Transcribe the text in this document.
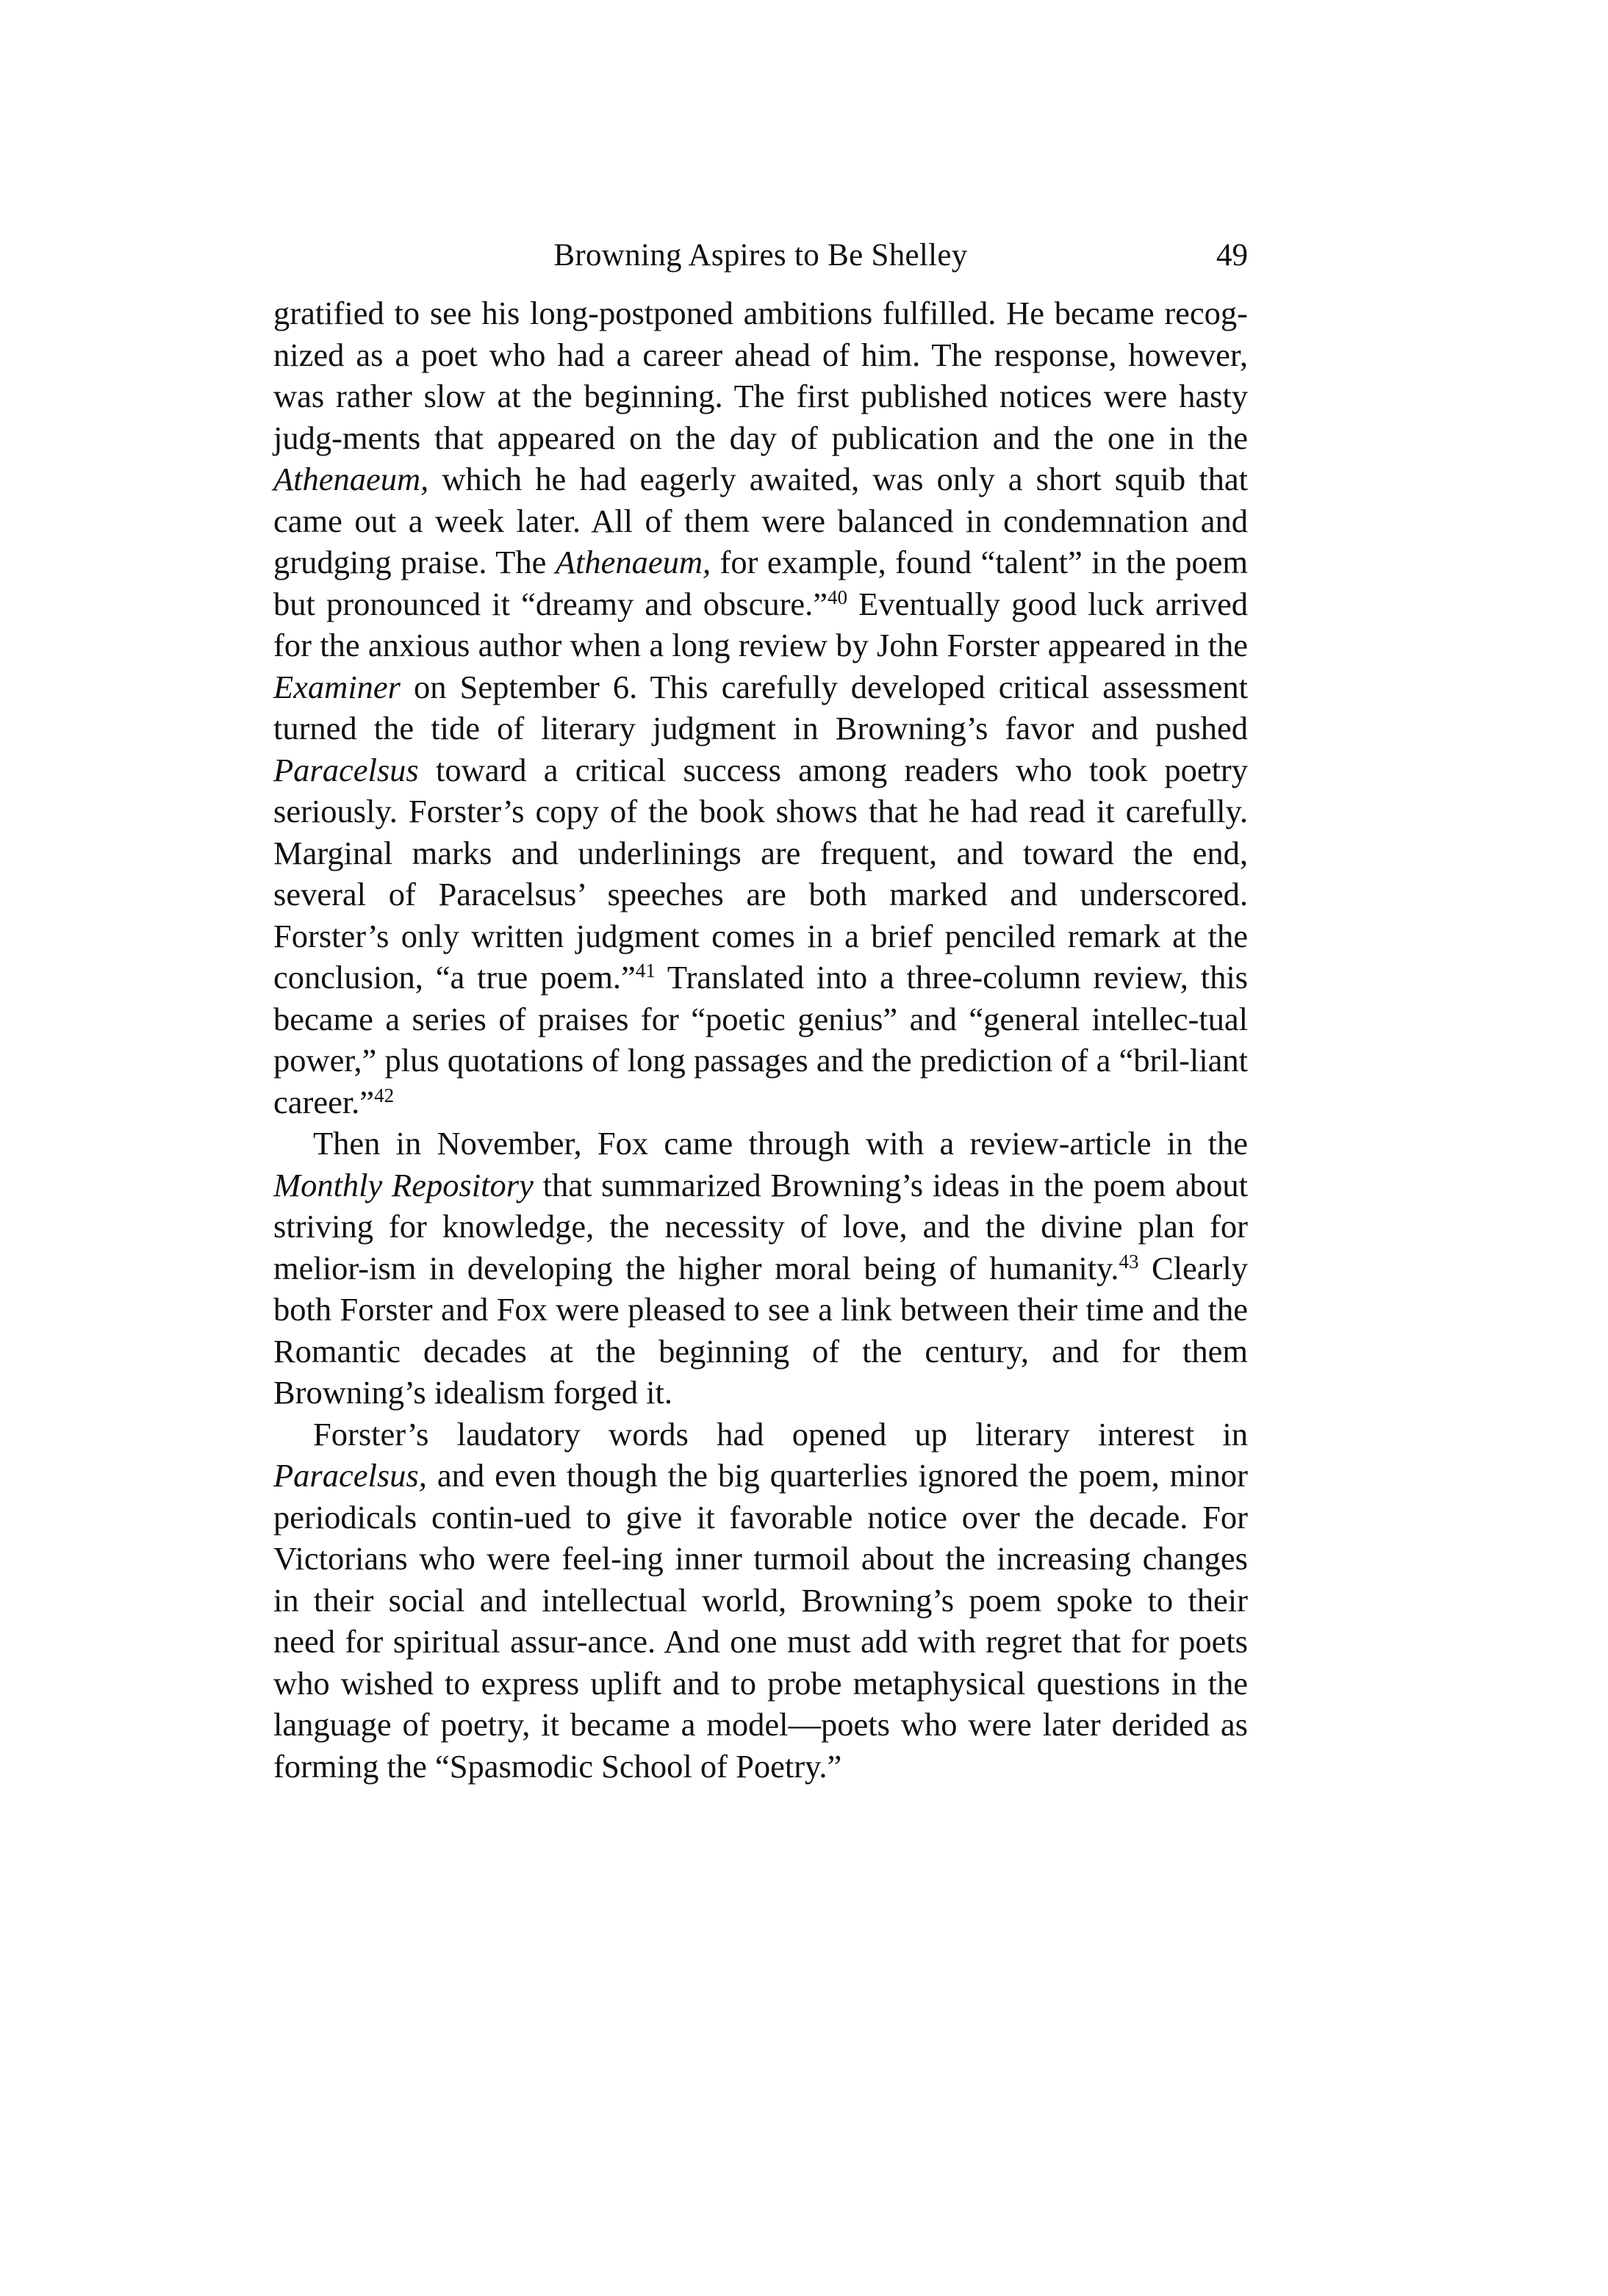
Browning Aspires to Be Shelley	49

gratified to see his long-postponed ambitions fulfilled. He became recog-nized as a poet who had a career ahead of him. The response, however, was rather slow at the beginning. The first published notices were hasty judg-ments that appeared on the day of publication and the one in the Athenaeum, which he had eagerly awaited, was only a short squib that came out a week later. All of them were balanced in condemnation and grudging praise. The Athenaeum, for example, found “talent” in the poem but pronounced it “dreamy and obscure.”$^{40}$ Eventually good luck arrived for the anxious author when a long review by John Forster appeared in the Examiner on September 6. This carefully developed critical assessment turned the tide of literary judgment in Browning’s favor and pushed Paracelsus toward a critical success among readers who took poetry seriously. Forster’s copy of the book shows that he had read it carefully. Marginal marks and underlinings are frequent, and toward the end, several of Paracelsus’ speeches are both marked and underscored. Forster’s only written judgment comes in a brief penciled remark at the conclusion, “a true poem.”$^{41}$ Translated into a three-column review, this became a series of praises for “poetic genius” and “general intellec-tual power,” plus quotations of long passages and the prediction of a “bril-liant career.”$^{42}$

Then in November, Fox came through with a review-article in the Monthly Repository that summarized Browning’s ideas in the poem about striving for knowledge, the necessity of love, and the divine plan for melior-ism in developing the higher moral being of humanity.$^{43}$ Clearly both Forster and Fox were pleased to see a link between their time and the Romantic decades at the beginning of the century, and for them Browning’s idealism forged it.

Forster’s laudatory words had opened up literary interest in Paracelsus, and even though the big quarterlies ignored the poem, minor periodicals contin-ued to give it favorable notice over the decade. For Victorians who were feel-ing inner turmoil about the increasing changes in their social and intellectual world, Browning’s poem spoke to their need for spiritual assur-ance. And one must add with regret that for poets who wished to express uplift and to probe metaphysical questions in the language of poetry, it became a model—poets who were later derided as forming the “Spasmodic School of Poetry.”
